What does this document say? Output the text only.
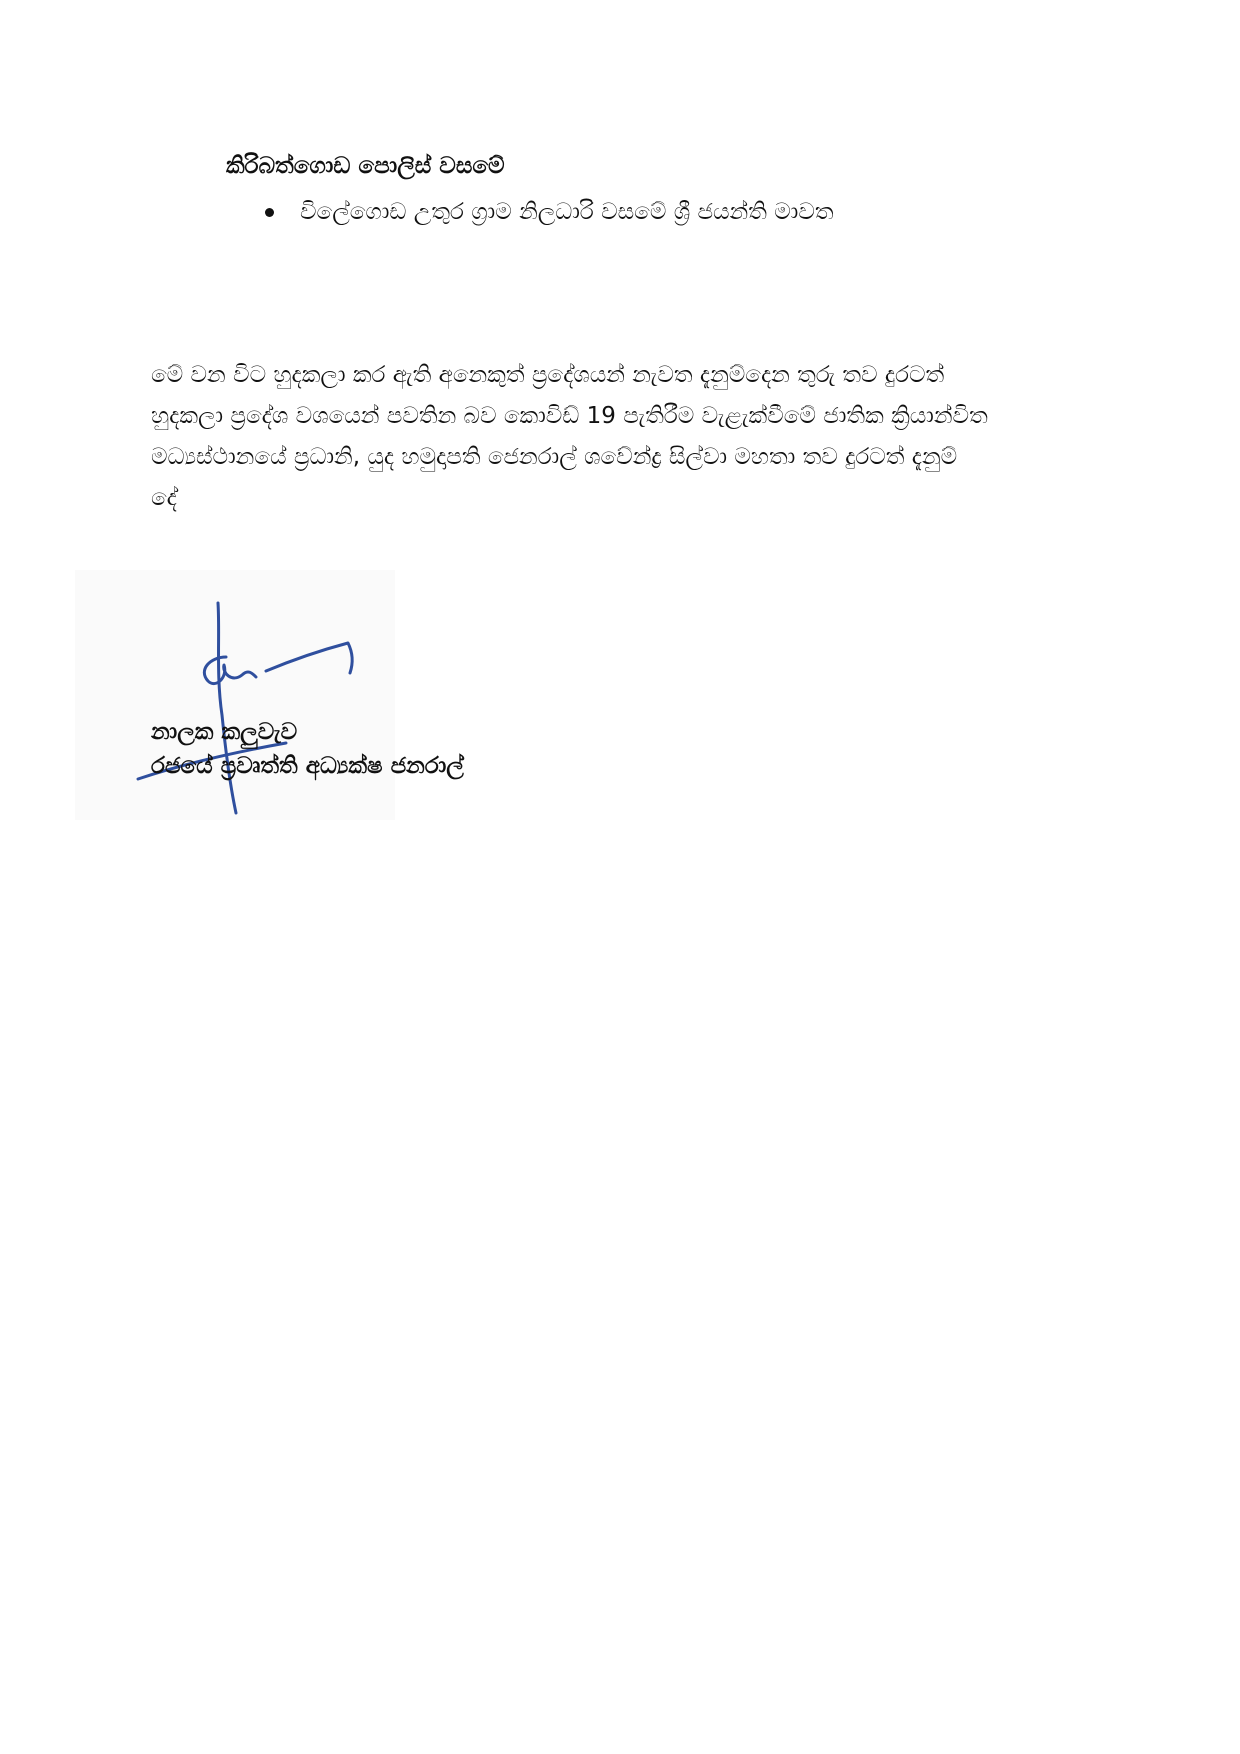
කිරිබත්ගොඩ පොලිස් වසමේ
විලේගොඩ උතුර ග්‍රාම නිලධාරි වසමේ ශ්‍රී ජයන්ති මාවත

මේ වන විට හුදකලා කර ඇති අනෙකුත් ප්‍රදේශයන් නැවත දැනුම්දෙන තුරු තව දුරටත්
හුදකලා ප්‍රදේශ වශයෙන් පවතින බව කොවිඩ් 19 පැතිරීම වැළැක්වීමේ ජාතික ක්‍රියාන්විත
මධ්‍යස්ථානයේ ප්‍රධානි, යුද හමුදාපති ජෙනරාල් ශවේන්ද්‍ර සිල්වා මහතා තව දුරටත් දැනුම්
දේ

නාලක කලුවැව
රජයේ ප්‍රවෘත්ති අධ්‍යක්ෂ ජනරාල්
